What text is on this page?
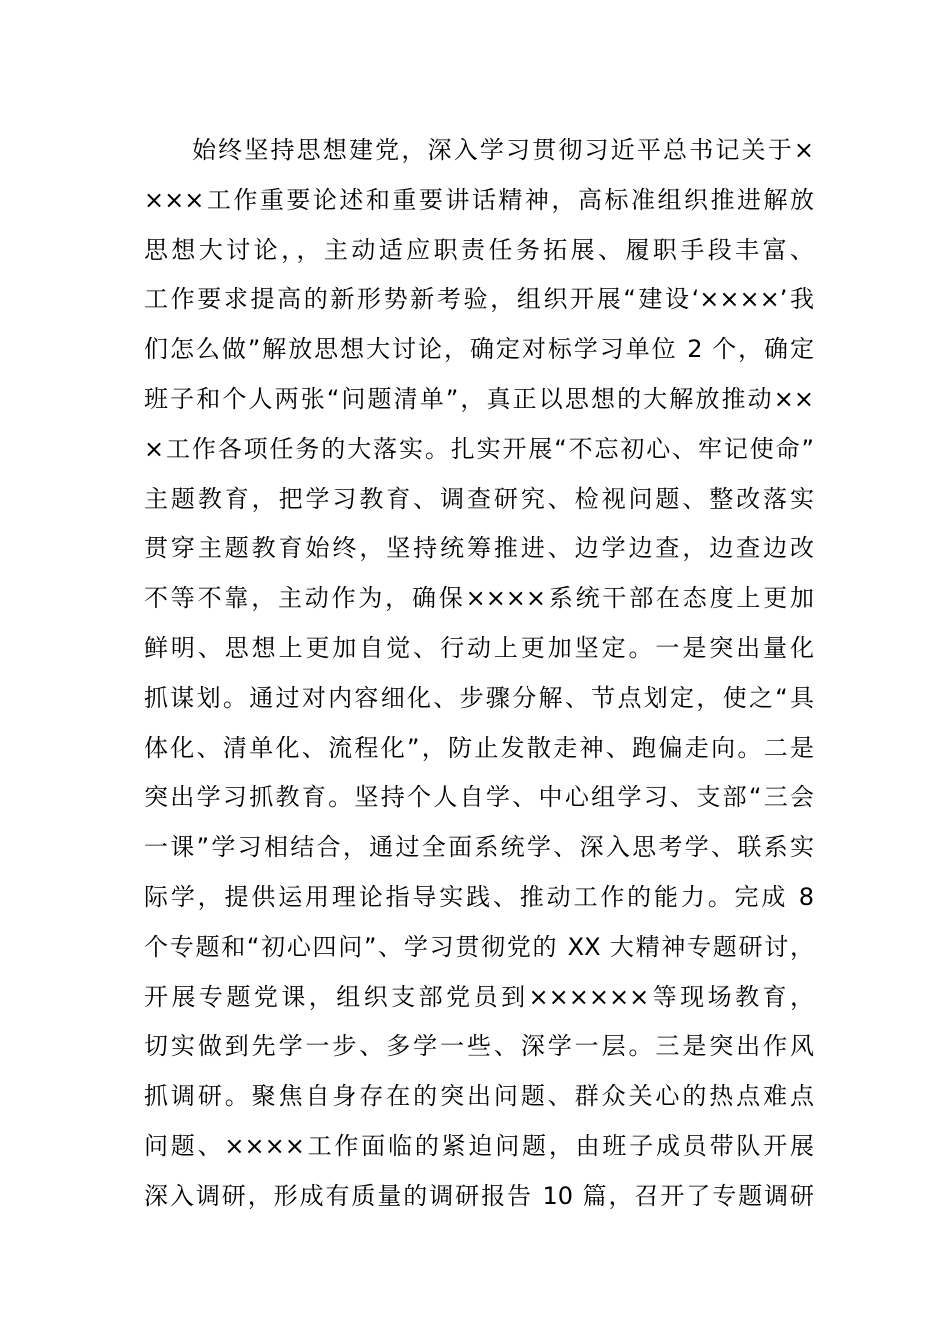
始终坚持思想建党，深入学习贯彻习近平总书记关于×
×××工作重要论述和重要讲话精神，高标准组织推进解放
思想大讨论，，主动适应职责任务拓展、履职手段丰富、
工作要求提高的新形势新考验，组织开展“建设‘××××’我
们怎么做”解放思想大讨论，确定对标学习单位 2 个，确定
班子和个人两张“问题清单”，真正以思想的大解放推动××
×工作各项任务的大落实。扎实开展“不忘初心、牢记使命”
主题教育，把学习教育、调查研究、检视问题、整改落实
贯穿主题教育始终，坚持统筹推进、边学边查，边查边改
不等不靠，主动作为，确保××××系统干部在态度上更加
鲜明、思想上更加自觉、行动上更加坚定。一是突出量化
抓谋划。通过对内容细化、步骤分解、节点划定，使之“具
体化、清单化、流程化”，防止发散走神、跑偏走向。二是
突出学习抓教育。坚持个人自学、中心组学习、支部“三会
一课”学习相结合，通过全面系统学、深入思考学、联系实
际学，提供运用理论指导实践、推动工作的能力。完成 8
个专题和“初心四问”、学习贯彻党的 XX 大精神专题研讨，
开展专题党课，组织支部党员到××××××等现场教育，
切实做到先学一步、多学一些、深学一层。三是突出作风
抓调研。聚焦自身存在的突出问题、群众关心的热点难点
问题、××××工作面临的紧迫问题，由班子成员带队开展
深入调研，形成有质量的调研报告 10 篇，召开了专题调研
